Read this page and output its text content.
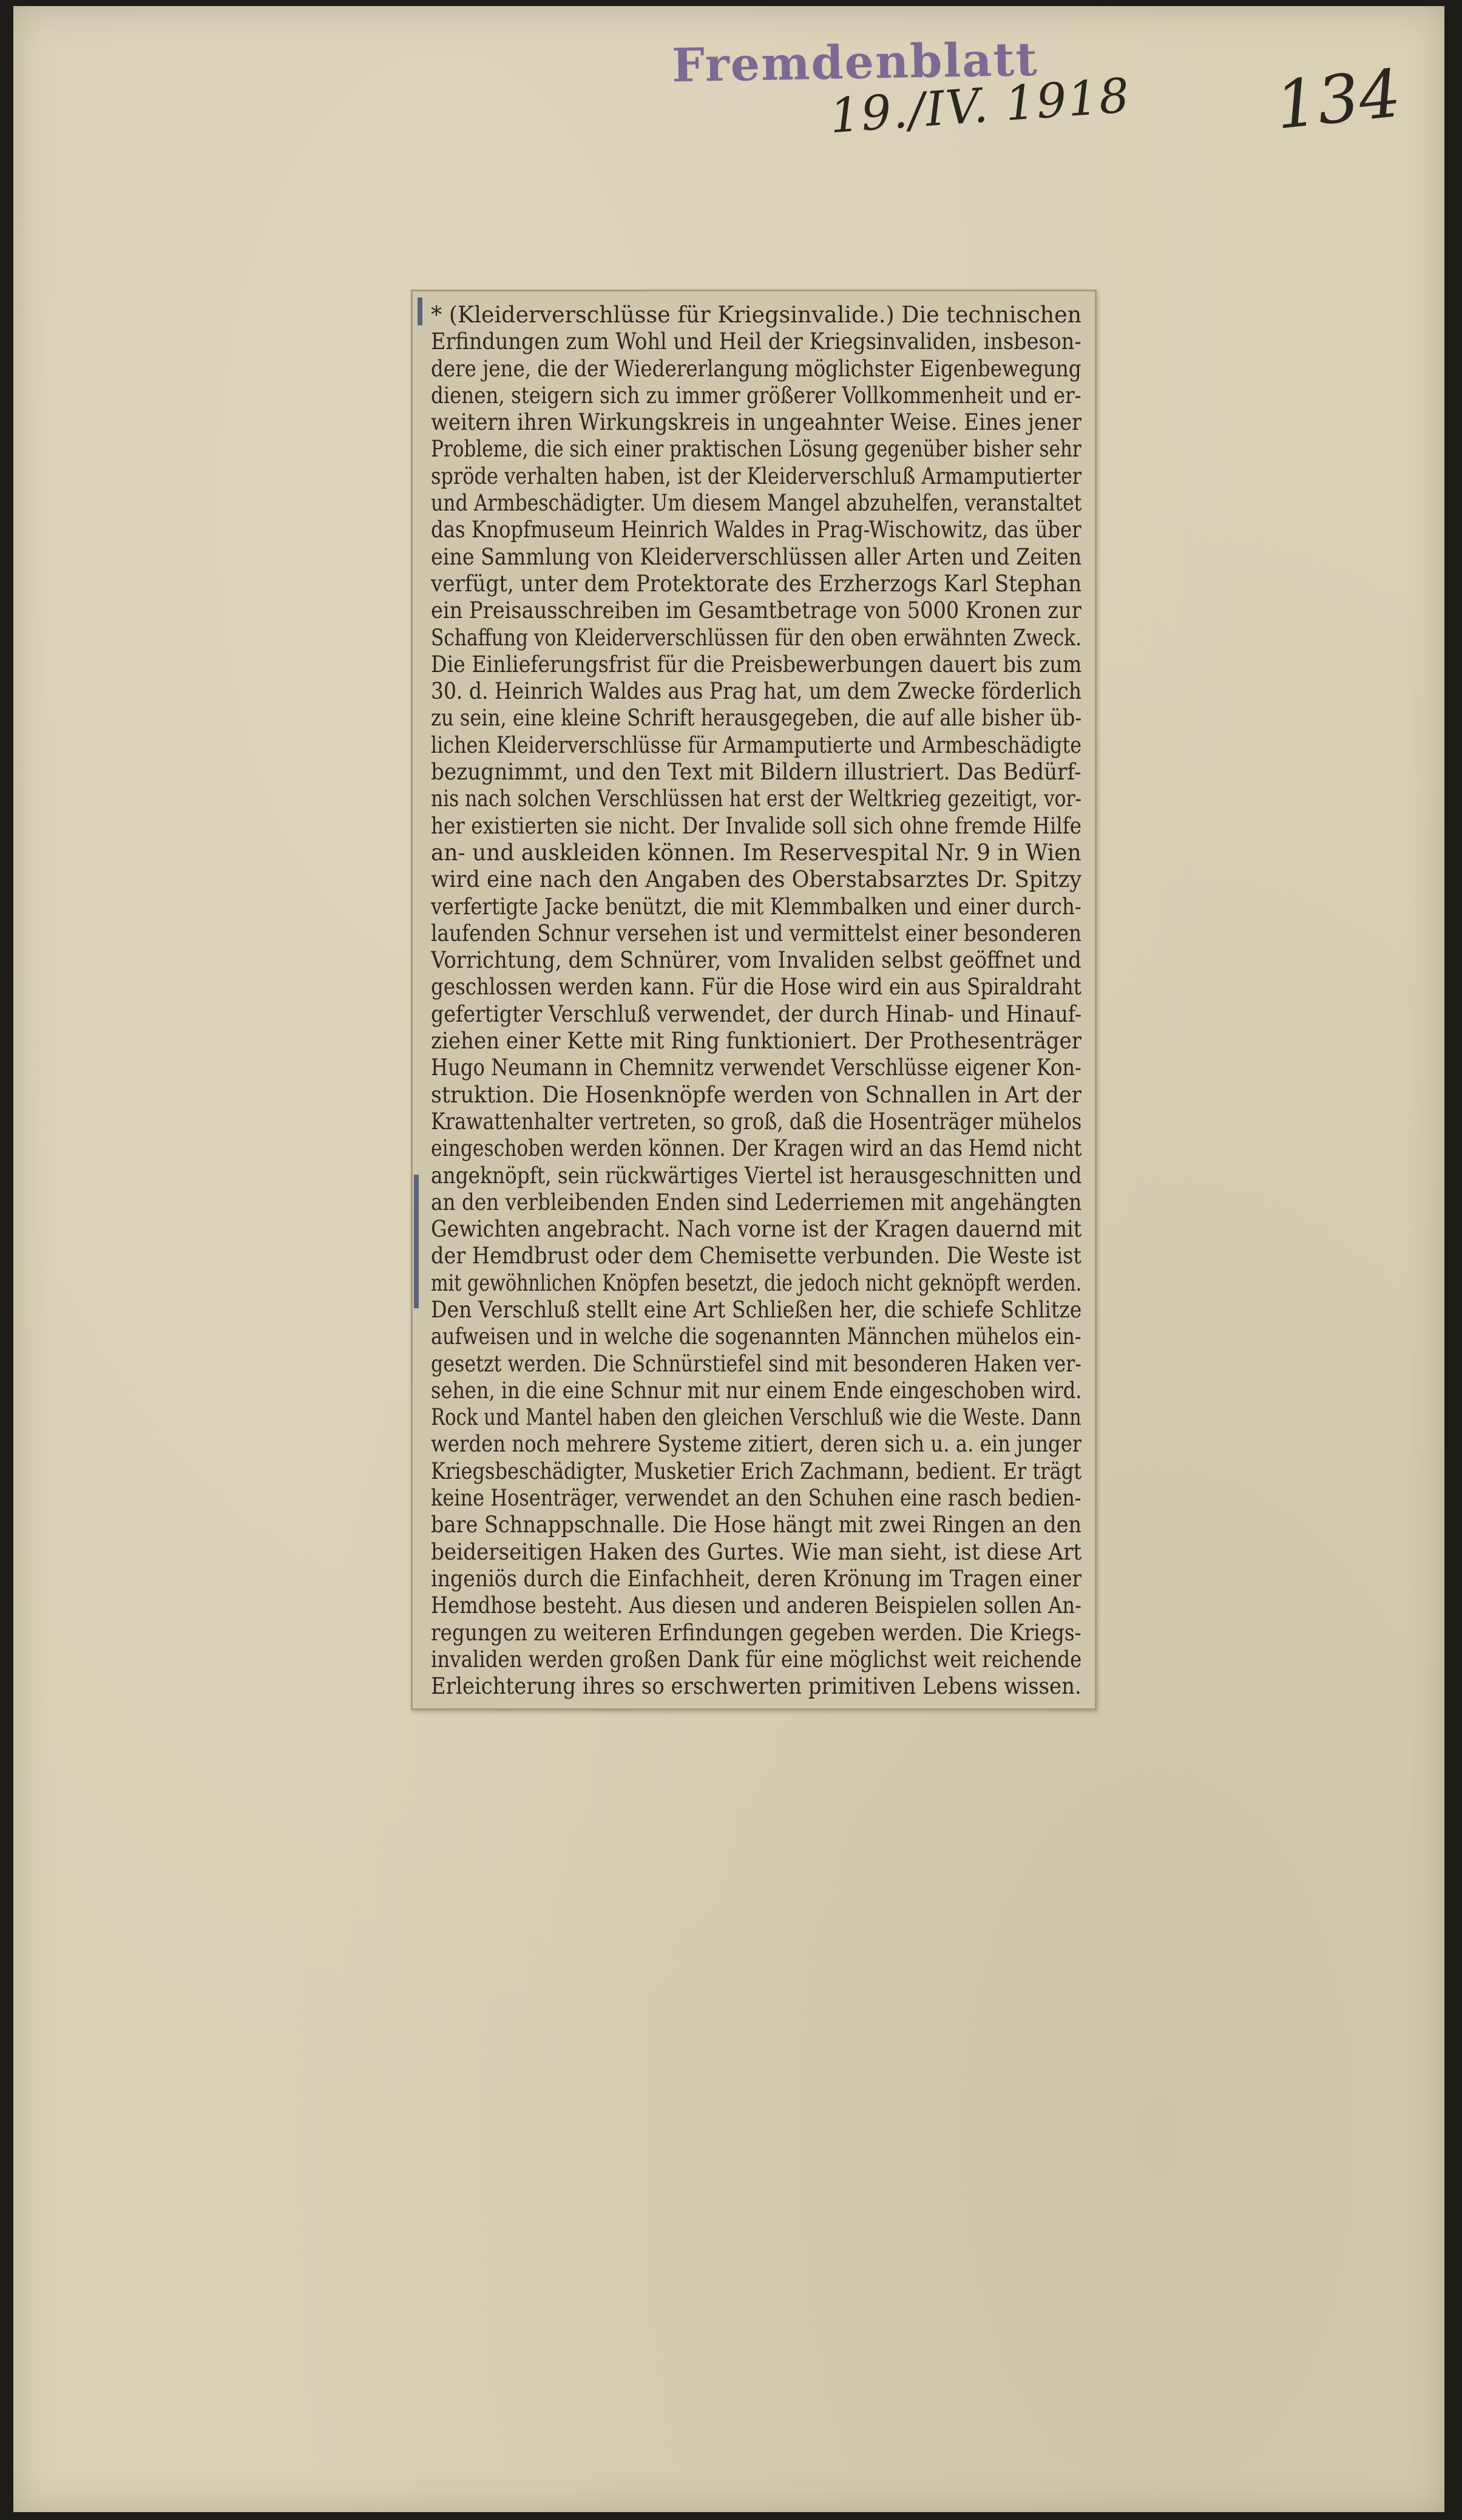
Fremdenblatt
19./IV. 1918 134
* (Kleiderverschlüsse für Kriegsinvalide.) Die technischen
Erfindungen zum Wohl und Heil der Kriegsinvaliden, insbeson-
dere jene, die der Wiedererlangung möglichster Eigenbewegung
dienen, steigern sich zu immer größerer Vollkommenheit und er-
weitern ihren Wirkungskreis in ungeahnter Weise. Eines jener
Probleme, die sich einer praktischen Lösung gegenüber bisher sehr
spröde verhalten haben, ist der Kleiderverschluß Armamputierter
und Armbeschädigter. Um diesem Mangel abzuhelfen, veranstaltet
das Knopfmuseum Heinrich Waldes in Prag-Wischowitz, das über
eine Sammlung von Kleiderverschlüssen aller Arten und Zeiten
verfügt, unter dem Protektorate des Erzherzogs Karl Stephan
ein Preisausschreiben im Gesamtbetrage von 5000 Kronen zur
Schaffung von Kleiderverschlüssen für den oben erwähnten Zweck.
Die Einlieferungsfrist für die Preisbewerbungen dauert bis zum
30. d. Heinrich Waldes aus Prag hat, um dem Zwecke förderlich
zu sein, eine kleine Schrift herausgegeben, die auf alle bisher üb-
lichen Kleiderverschlüsse für Armamputierte und Armbeschädigte
bezugnimmt, und den Text mit Bildern illustriert. Das Bedürf-
nis nach solchen Verschlüssen hat erst der Weltkrieg gezeitigt, vor-
her existierten sie nicht. Der Invalide soll sich ohne fremde Hilfe
an- und auskleiden können. Im Reservespital Nr. 9 in Wien
wird eine nach den Angaben des Oberstabsarztes Dr. Spitzy
verfertigte Jacke benützt, die mit Klemmbalken und einer durch-
laufenden Schnur versehen ist und vermittelst einer besonderen
Vorrichtung, dem Schnürer, vom Invaliden selbst geöffnet und
geschlossen werden kann. Für die Hose wird ein aus Spiraldraht
gefertigter Verschluß verwendet, der durch Hinab- und Hinauf-
ziehen einer Kette mit Ring funktioniert. Der Prothesenträger
Hugo Neumann in Chemnitz verwendet Verschlüsse eigener Kon-
struktion. Die Hosenknöpfe werden von Schnallen in Art der
Krawattenhalter vertreten, so groß, daß die Hosenträger mühelos
eingeschoben werden können. Der Kragen wird an das Hemd nicht
angeknöpft, sein rückwärtiges Viertel ist herausgeschnitten und
an den verbleibenden Enden sind Lederriemen mit angehängten
Gewichten angebracht. Nach vorne ist der Kragen dauernd mit
der Hemdbrust oder dem Chemisette verbunden. Die Weste ist
mit gewöhnlichen Knöpfen besetzt, die jedoch nicht geknöpft werden.
Den Verschluß stellt eine Art Schließen her, die schiefe Schlitze
aufweisen und in welche die sogenannten Männchen mühelos ein-
gesetzt werden. Die Schnürstiefel sind mit besonderen Haken ver-
sehen, in die eine Schnur mit nur einem Ende eingeschoben wird.
Rock und Mantel haben den gleichen Verschluß wie die Weste. Dann
werden noch mehrere Systeme zitiert, deren sich u. a. ein junger
Kriegsbeschädigter, Musketier Erich Zachmann, bedient. Er trägt
keine Hosenträger, verwendet an den Schuhen eine rasch bedien-
bare Schnappschnalle. Die Hose hängt mit zwei Ringen an den
beiderseitigen Haken des Gurtes. Wie man sieht, ist diese Art
ingeniös durch die Einfachheit, deren Krönung im Tragen einer
Hemdhose besteht. Aus diesen und anderen Beispielen sollen An-
regungen zu weiteren Erfindungen gegeben werden. Die Kriegs-
invaliden werden großen Dank für eine möglichst weit reichende
Erleichterung ihres so erschwerten primitiven Lebens wissen.
